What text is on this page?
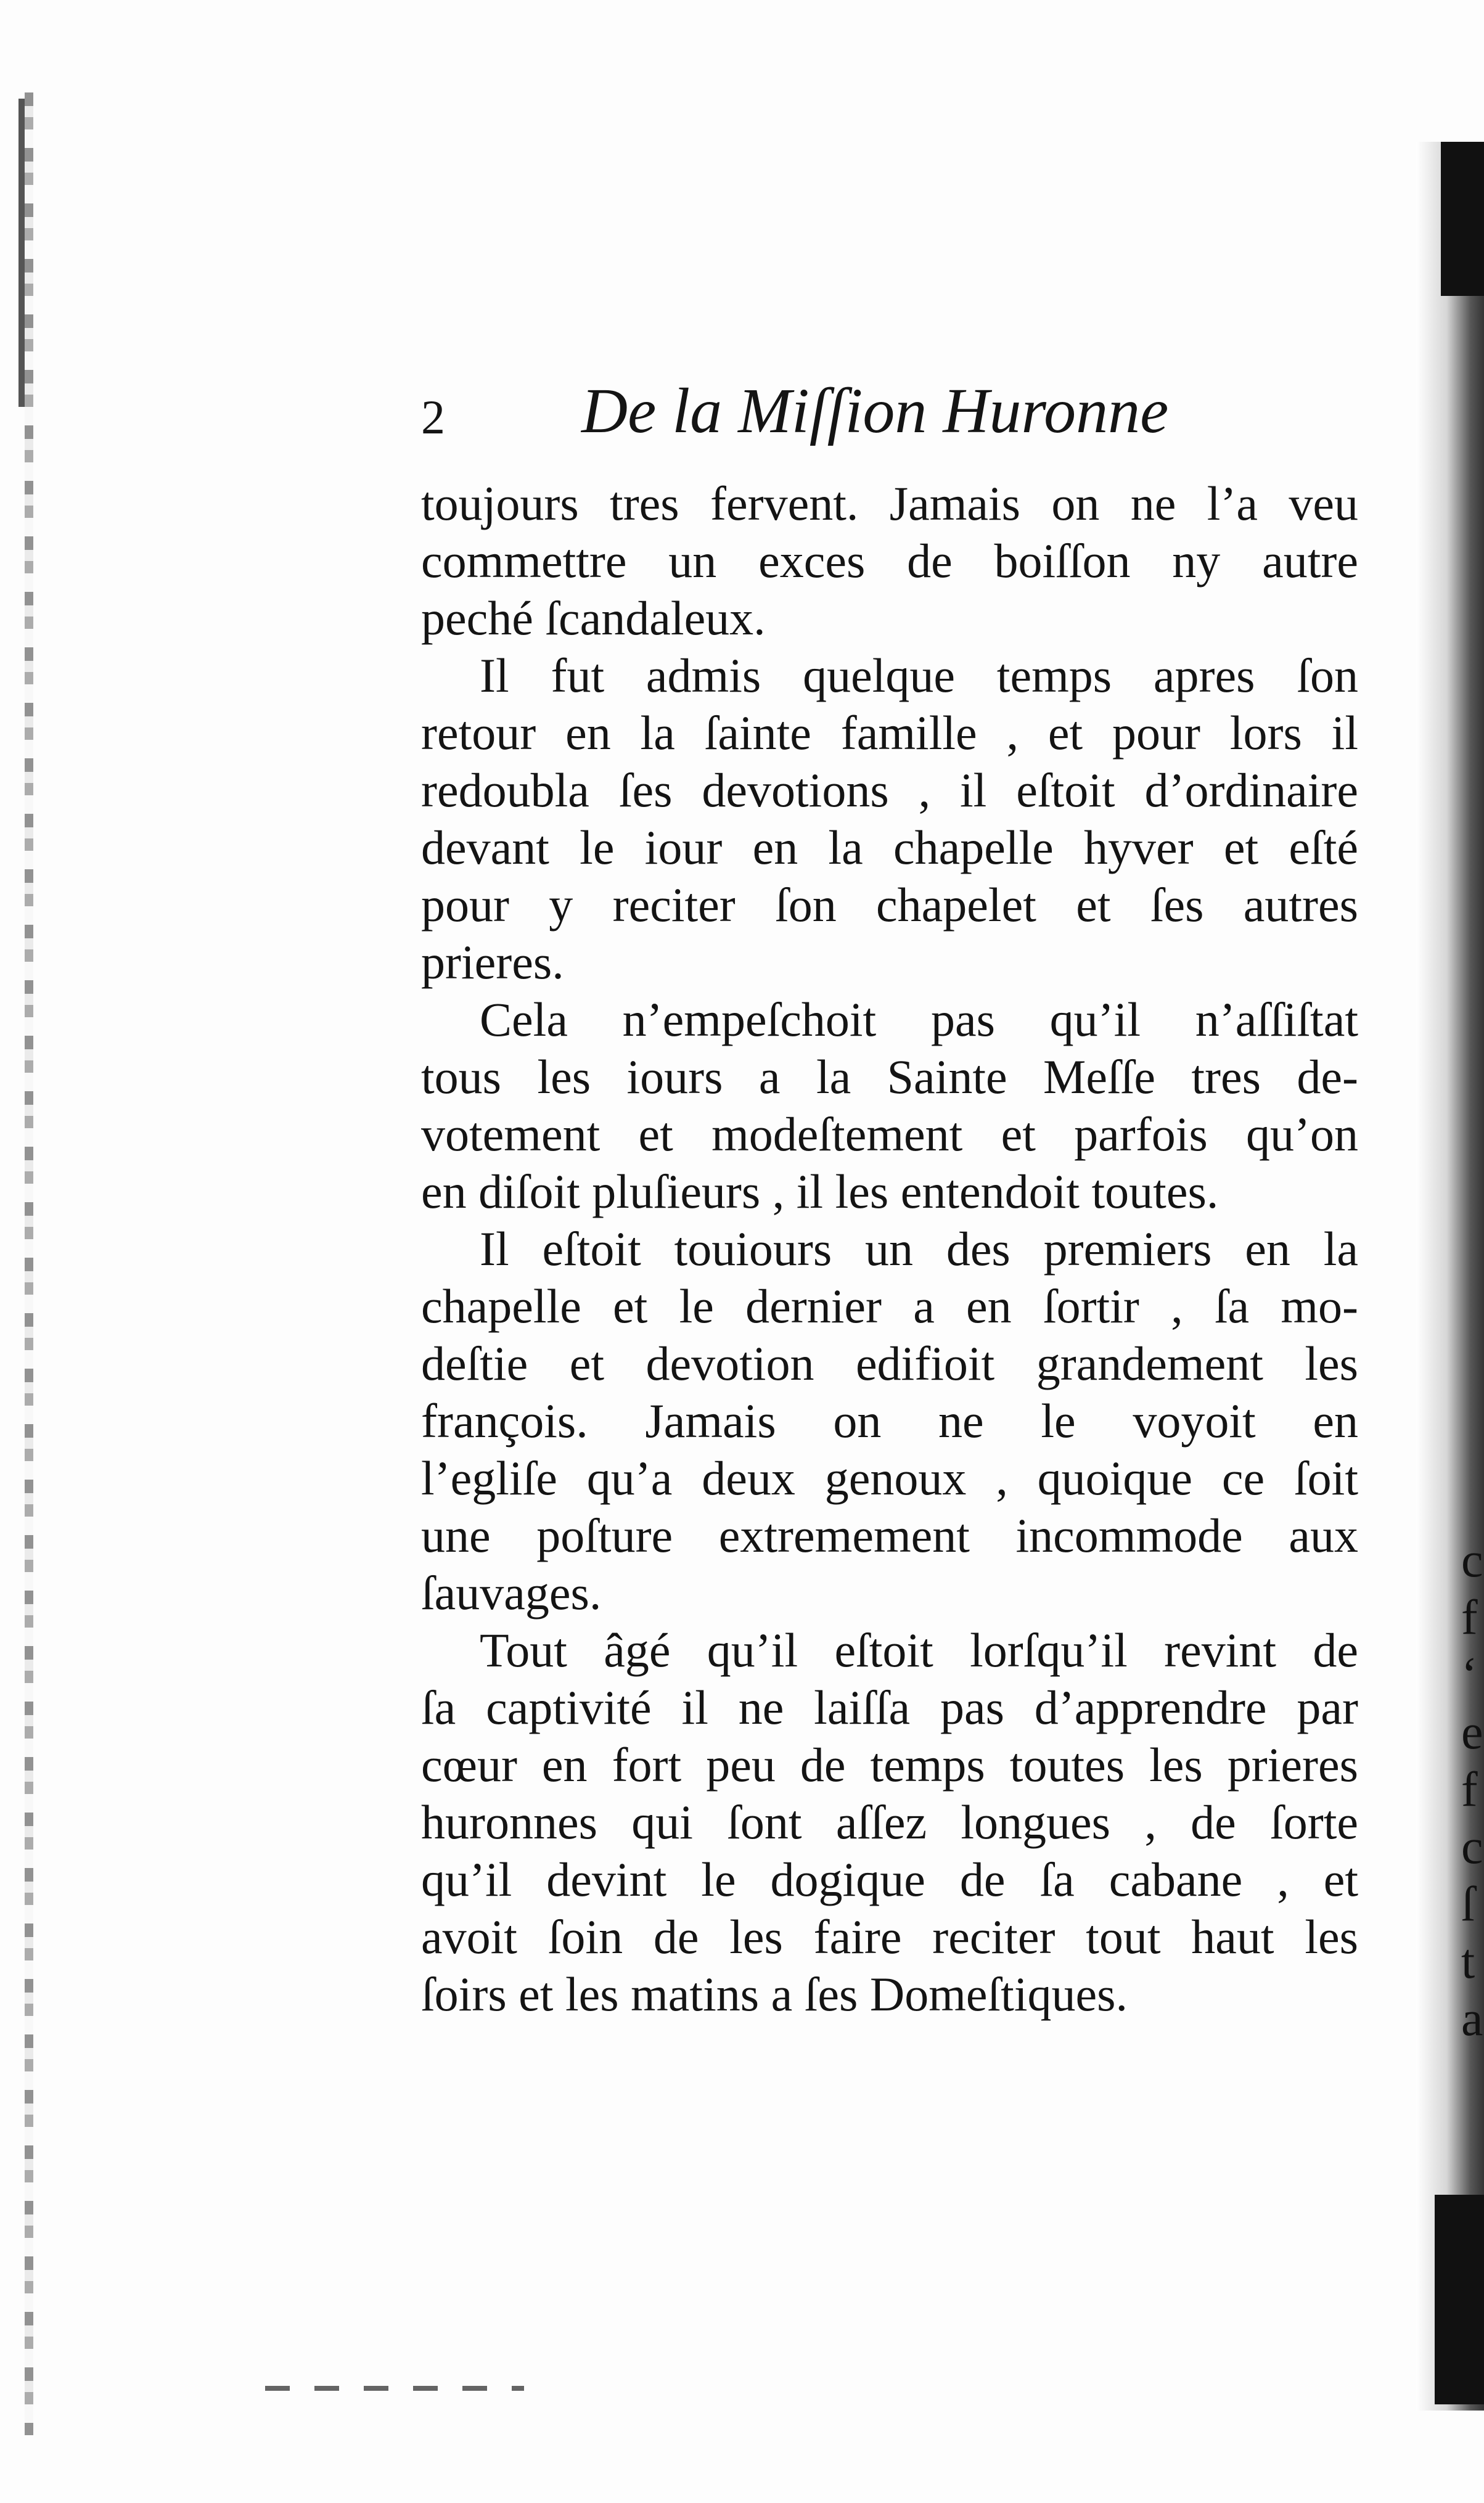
c
f
‘
e
f
c
ſ
t
a
2 De la Miſſion Huronne
toujours tres fervent. Jamais on ne l’a veu
commettre un exces de boiſſon ny autre
peché ſcandaleux.
Il fut admis quelque temps apres ſon
retour en la ſainte famille , et pour lors il
redoubla ſes devotions , il eſtoit d’ordinaire
devant le iour en la chapelle hyver et eſté
pour y reciter ſon chapelet et ſes autres
prieres.
Cela n’empeſchoit pas qu’il n’aſſiſtat
tous les iours a la Sainte Meſſe tres de-
votement et modeſtement et parfois qu’on
en diſoit pluſieurs , il les entendoit toutes.
Il eſtoit touiours un des premiers en la
chapelle et le dernier a en ſortir , ſa mo-
deſtie et devotion edifioit grandement les
françois. Jamais on ne le voyoit en
l’egliſe qu’a deux genoux , quoique ce ſoit
une poſture extremement incommode aux
ſauvages.
Tout âgé qu’il eſtoit lorſqu’il revint de
ſa captivité il ne laiſſa pas d’apprendre par
cœur en fort peu de temps toutes les prieres
huronnes qui ſont aſſez longues , de ſorte
qu’il devint le dogique de ſa cabane , et
avoit ſoin de les faire reciter tout haut les
ſoirs et les matins a ſes Domeſtiques.
